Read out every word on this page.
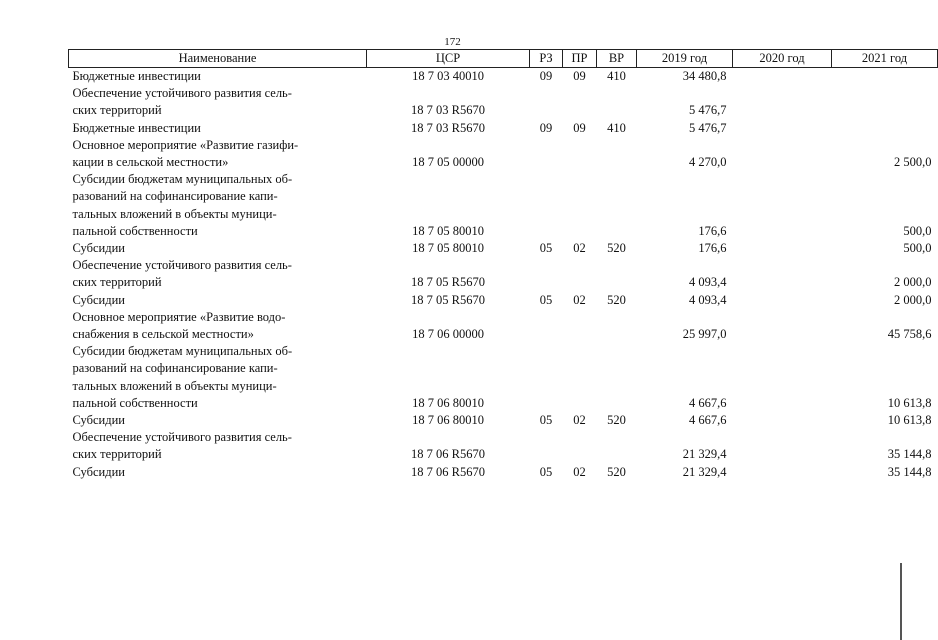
172
Наименование	ЦСР	РЗ	ПР	ВР	2019 год	2020 год	2021 год

Бюджетные инвестиции	18 7 03 40010	09	09	410	34 480,8		

Обеспечение устойчивого развития сель-
ских территорий	18 7 03 R5670				5 476,7		

Бюджетные инвестиции	18 7 03 R5670	09	09	410	5 476,7		

Основное мероприятие «Развитие газифи-
кации в сельской местности»	18 7 05 00000				4 270,0		2 500,0

Субсидии бюджетам муниципальных об-
разований на софинансирование капи-
тальных вложений в объекты муници-
пальной собственности	18 7 05 80010				176,6		500,0

Субсидии	18 7 05 80010	05	02	520	176,6		500,0

Обеспечение устойчивого развития сель-
ских территорий	18 7 05 R5670				4 093,4		2 000,0

Субсидии	18 7 05 R5670	05	02	520	4 093,4		2 000,0

Основное мероприятие «Развитие водо-
снабжения в сельской местности»	18 7 06 00000				25 997,0		45 758,6

Субсидии бюджетам муниципальных об-
разований на софинансирование капи-
тальных вложений в объекты муници-
пальной собственности	18 7 06 80010				4 667,6		10 613,8

Субсидии	18 7 06 80010	05	02	520	4 667,6		10 613,8

Обеспечение устойчивого развития сель-
ских территорий	18 7 06 R5670				21 329,4		35 144,8

Субсидии	18 7 06 R5670	05	02	520	21 329,4		35 144,8
